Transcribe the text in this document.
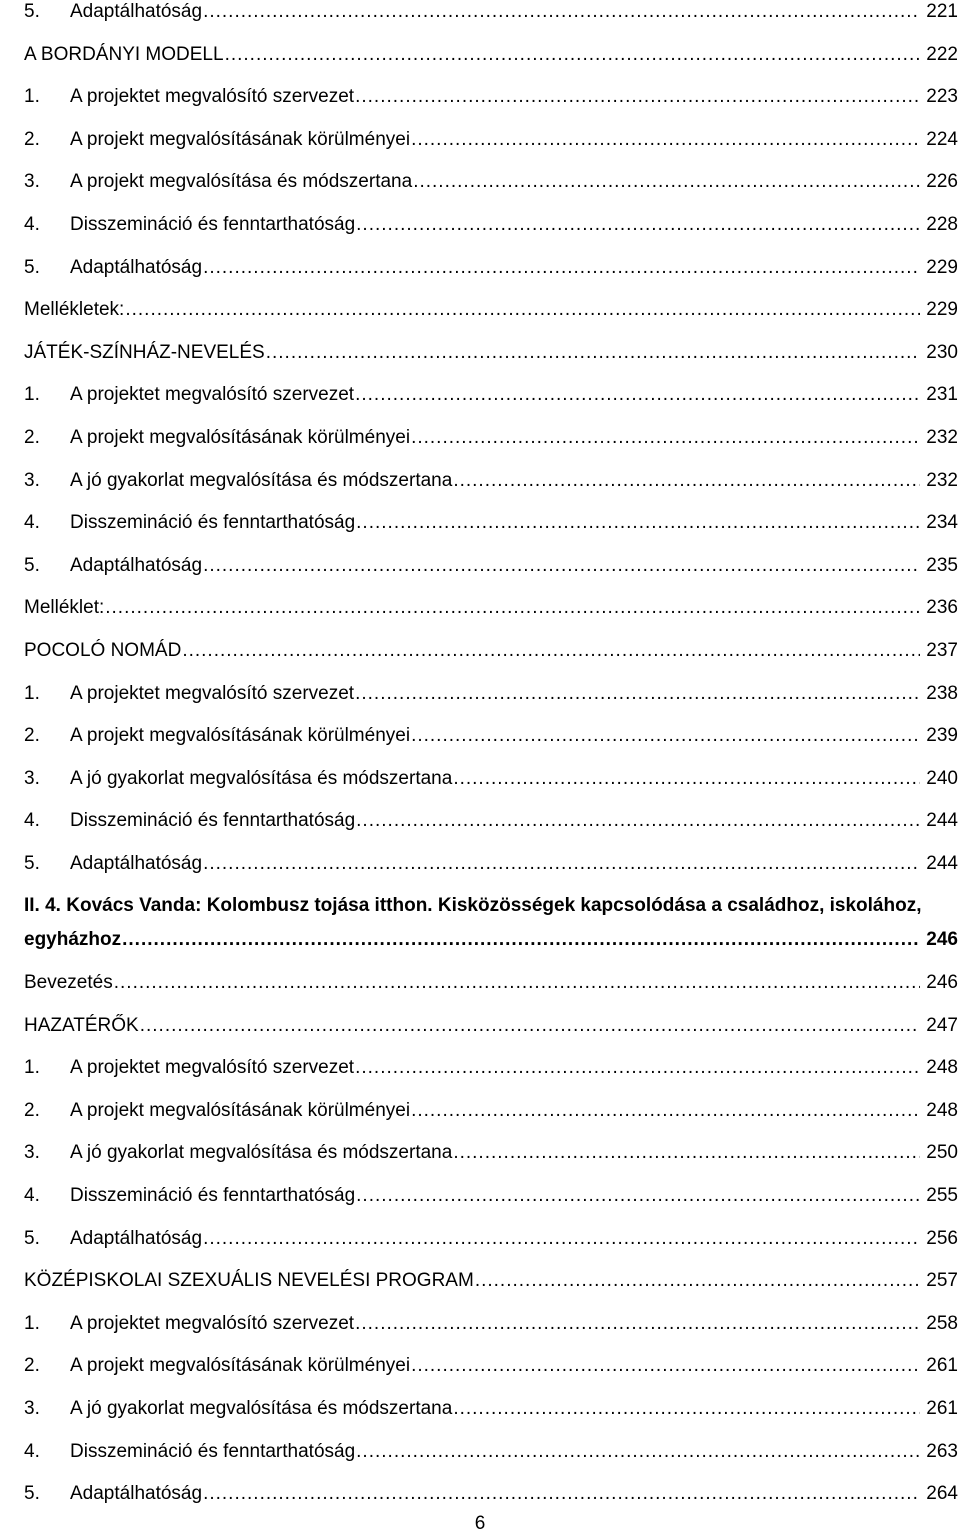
5.	Adaptálhatóság .....	221
A BORDÁNYI MODELL .....	222
1.	A projektet megvalósító szervezet .....	223
2.	A projekt megvalósításának körülményei .....	224
3.	A projekt megvalósítása és módszertana .....	226
4.	Disszemináció és fenntarthatóság .....	228
5.	Adaptálhatóság .....	229
Mellékletek: .....	229
JÁTÉK-SZÍNHÁZ-NEVELÉS .....	230
1.	A projektet megvalósító szervezet .....	231
2.	A projekt megvalósításának körülményei .....	232
3.	A jó gyakorlat megvalósítása és módszertana .....	232
4.	Disszemináció és fenntarthatóság .....	234
5.	Adaptálhatóság .....	235
Melléklet: .....	236
POCOLÓ NOMÁD .....	237
1.	A projektet megvalósító szervezet .....	238
2.	A projekt megvalósításának körülményei .....	239
3.	A jó gyakorlat megvalósítása és módszertana .....	240
4.	Disszemináció és fenntarthatóság .....	244
5.	Adaptálhatóság .....	244
II. 4. Kovács Vanda: Kolombusz tojása itthon. Kisközösségek kapcsolódása a családhoz, iskolához,
egyházhoz .....	246
Bevezetés .....	246
HAZATÉRŐK .....	247
1.	A projektet megvalósító szervezet .....	248
2.	A projekt megvalósításának körülményei .....	248
3.	A jó gyakorlat megvalósítása és módszertana .....	250
4.	Disszemináció és fenntarthatóság .....	255
5.	Adaptálhatóság .....	256
KÖZÉPISKOLAI SZEXUÁLIS NEVELÉSI PROGRAM .....	257
1.	A projektet megvalósító szervezet .....	258
2.	A projekt megvalósításának körülményei .....	261
3.	A jó gyakorlat megvalósítása és módszertana .....	261
4.	Disszemináció és fenntarthatóság .....	263
5.	Adaptálhatóság .....	264
6
